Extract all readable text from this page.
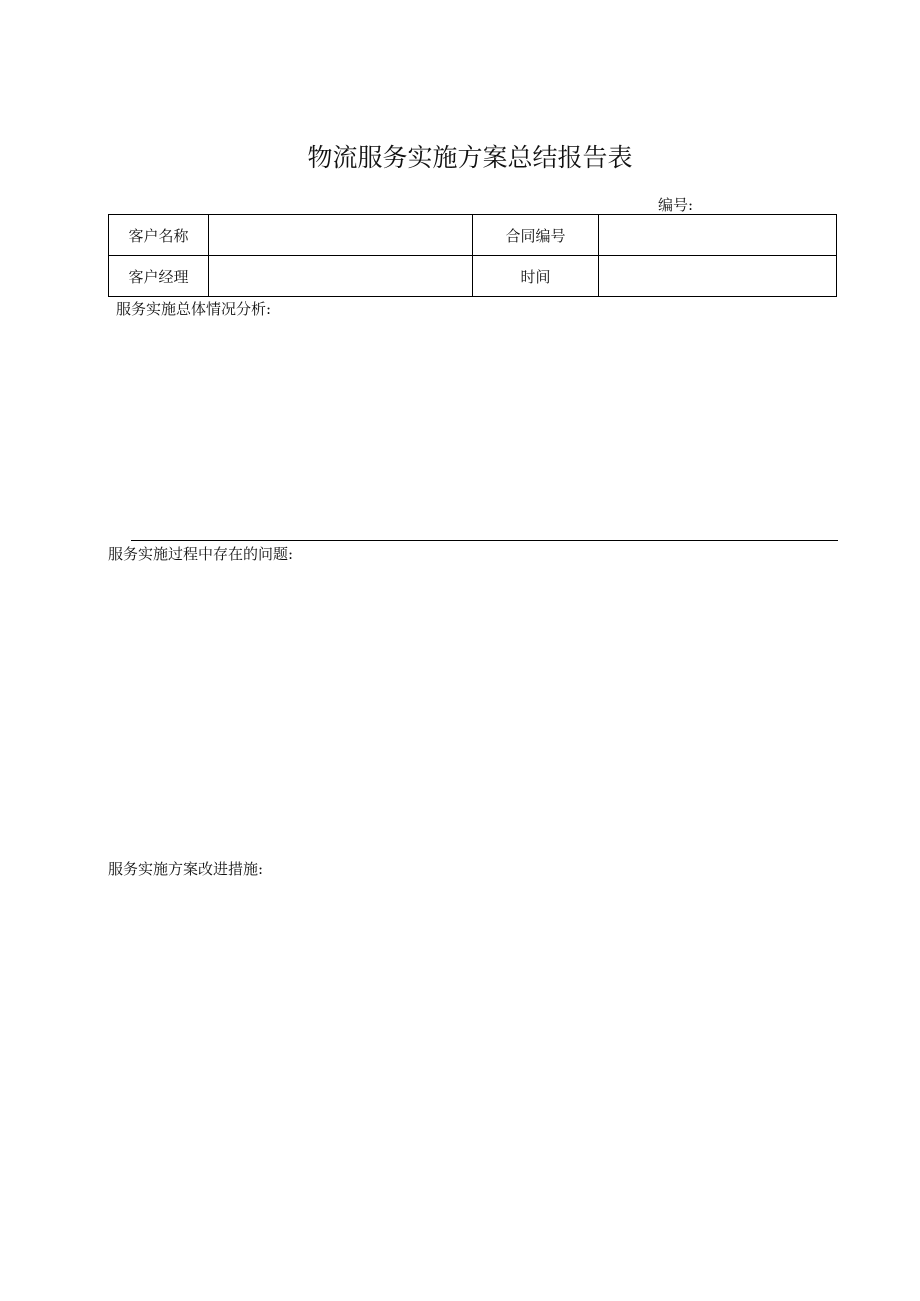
物流服务实施方案总结报告表
编号:
客户名称		合同编号	
客户经理		时间	
服务实施总体情况分析:
服务实施过程中存在的问题:
服务实施方案改进措施:
